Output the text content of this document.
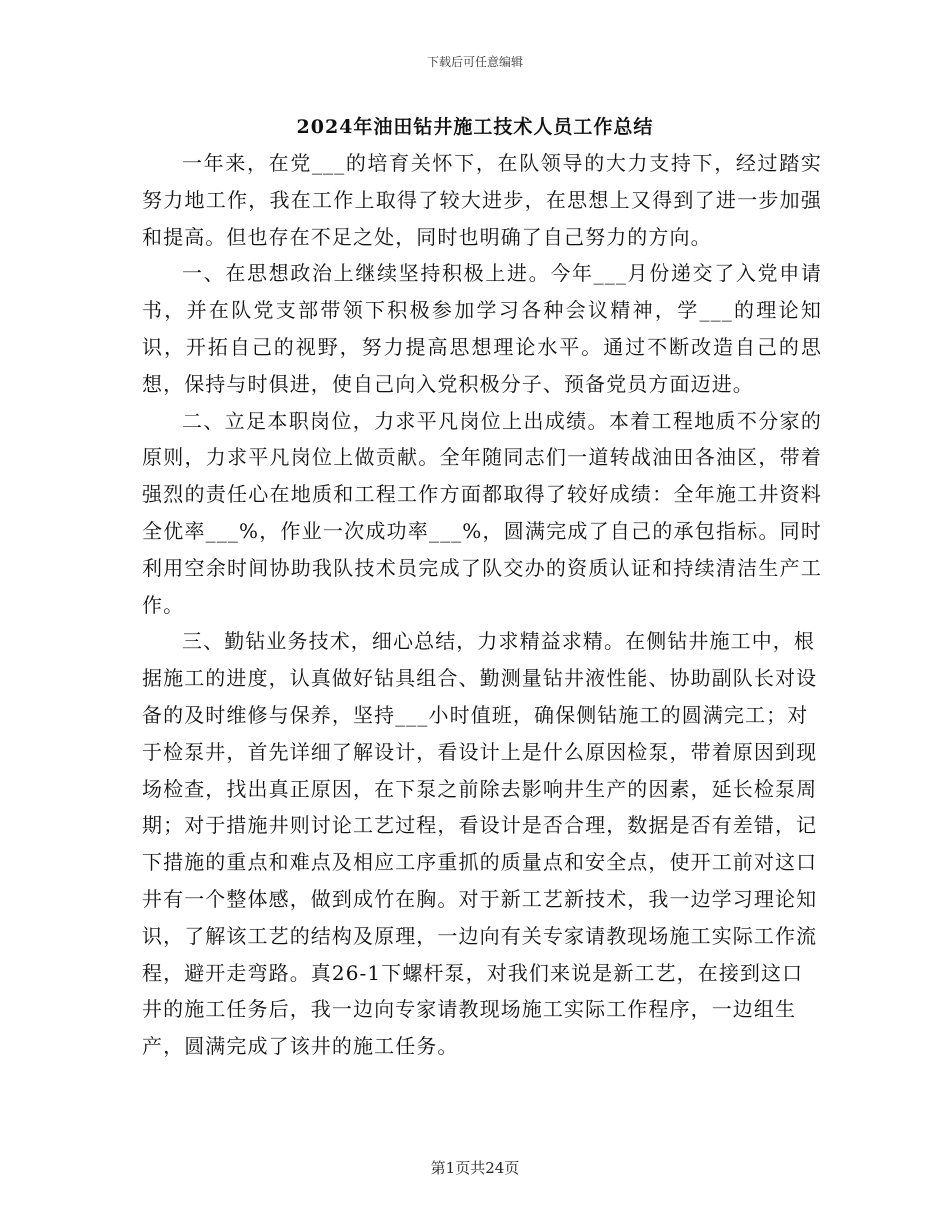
下载后可任意编辑
2024年油田钻井施工技术人员工作总结

一年来，在党___的培育关怀下，在队领导的大力支持下，经过踏实努力地工作，我在工作上取得了较大进步，在思想上又得到了进一步加强和提高。但也存在不足之处，同时也明确了自己努力的方向。

一、在思想政治上继续坚持积极上进。今年___月份递交了入党申请书，并在队党支部带领下积极参加学习各种会议精神，学___的理论知识，开拓自己的视野，努力提高思想理论水平。通过不断改造自己的思想，保持与时俱进，使自己向入党积极分子、预备党员方面迈进。

二、立足本职岗位，力求平凡岗位上出成绩。本着工程地质不分家的原则，力求平凡岗位上做贡献。全年随同志们一道转战油田各油区，带着强烈的责任心在地质和工程工作方面都取得了较好成绩：全年施工井资料全优率___%，作业一次成功率___%，圆满完成了自己的承包指标。同时利用空余时间协助我队技术员完成了队交办的资质认证和持续清洁生产工作。

三、勤钻业务技术，细心总结，力求精益求精。在侧钻井施工中，根据施工的进度，认真做好钻具组合、勤测量钻井液性能、协助副队长对设备的及时维修与保养，坚持___小时值班，确保侧钻施工的圆满完工；对于检泵井，首先详细了解设计，看设计上是什么原因检泵，带着原因到现场检查，找出真正原因，在下泵之前除去影响井生产的因素，延长检泵周期；对于措施井则讨论工艺过程，看设计是否合理，数据是否有差错，记下措施的重点和难点及相应工序重抓的质量点和安全点，使开工前对这口井有一个整体感，做到成竹在胸。对于新工艺新技术，我一边学习理论知识，了解该工艺的结构及原理，一边向有关专家请教现场施工实际工作流程，避开走弯路。真26-1下螺杆泵，对我们来说是新工艺，在接到这口井的施工任务后，我一边向专家请教现场施工实际工作程序，一边组生产，圆满完成了该井的施工任务。

第1页共24页
